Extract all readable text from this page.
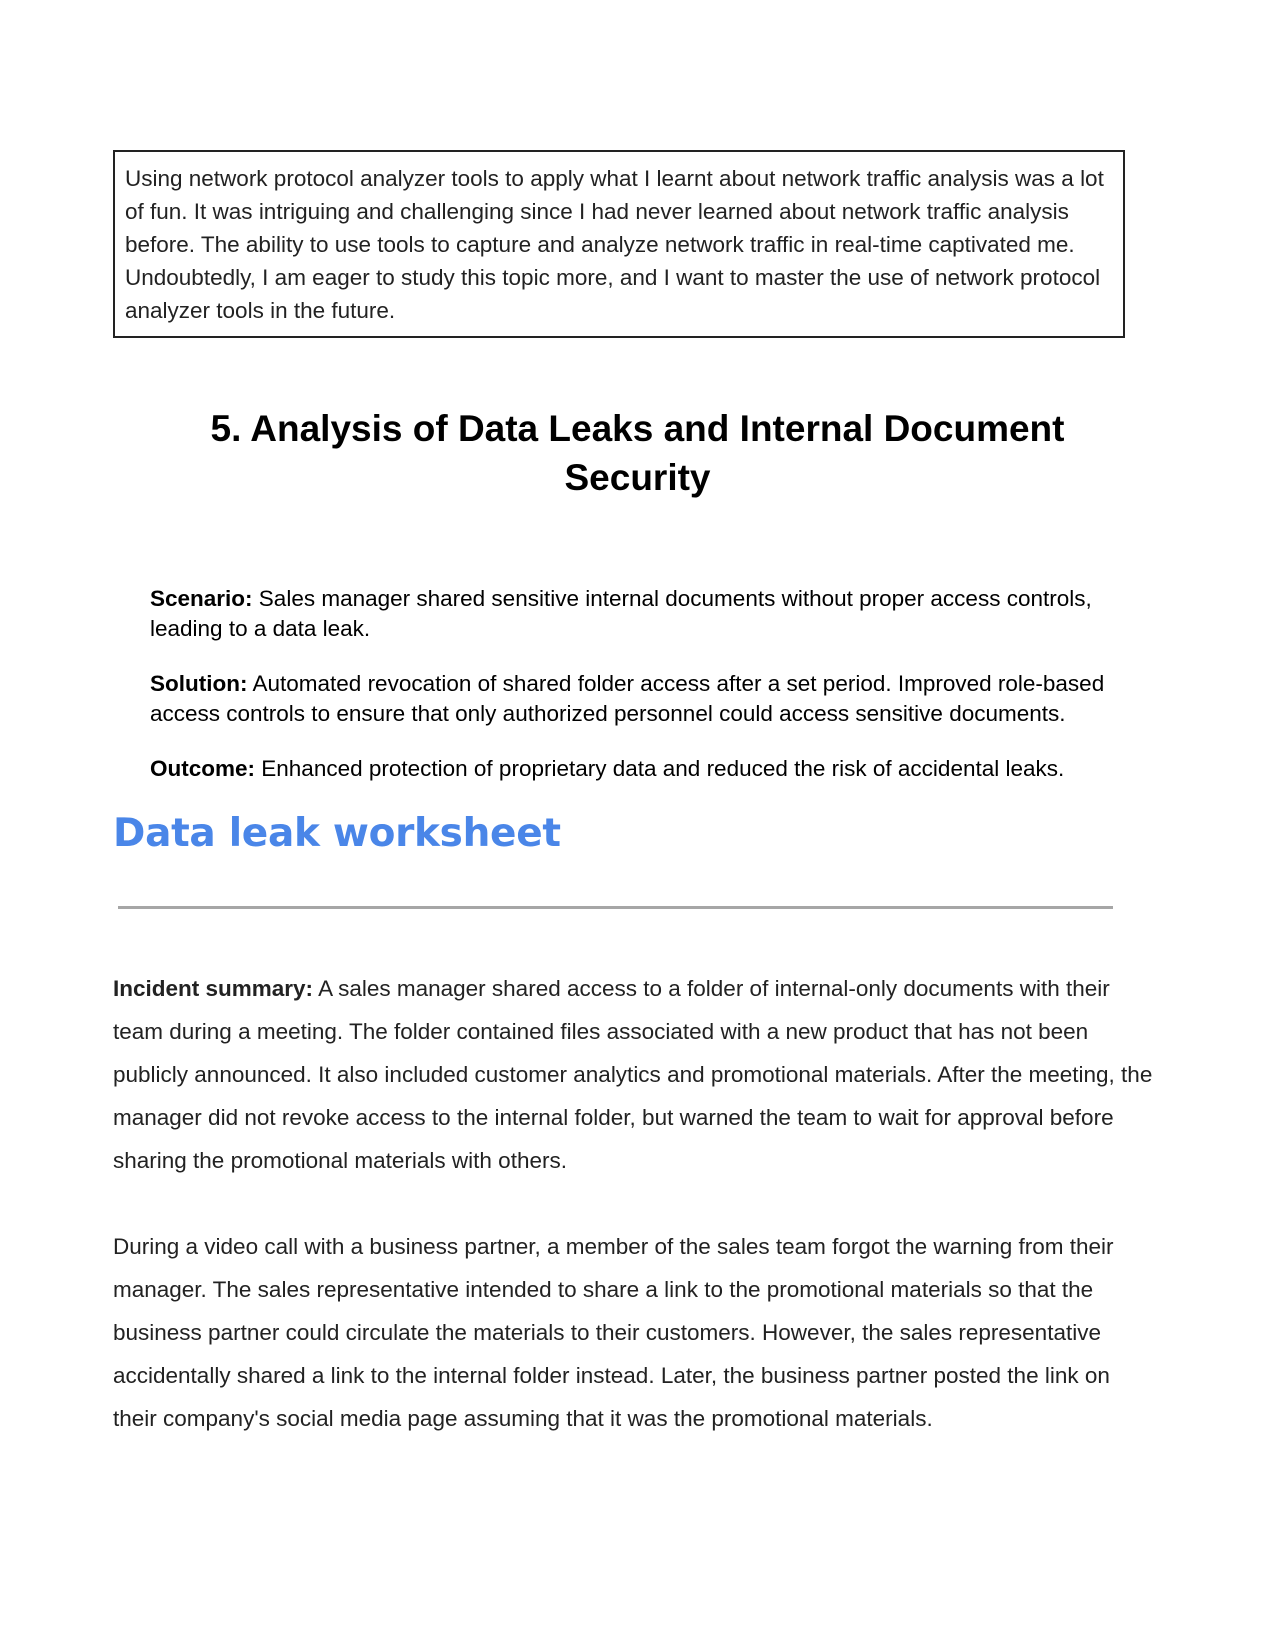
Using network protocol analyzer tools to apply what I learnt about network traffic analysis was a lot of fun. It was intriguing and challenging since I had never learned about network traffic analysis before. The ability to use tools to capture and analyze network traffic in real-time captivated me. Undoubtedly, I am eager to study this topic more, and I want to master the use of network protocol analyzer tools in the future.
5. Analysis of Data Leaks and Internal Document Security
Scenario: Sales manager shared sensitive internal documents without proper access controls, leading to a data leak.
Solution: Automated revocation of shared folder access after a set period. Improved role-based access controls to ensure that only authorized personnel could access sensitive documents.
Outcome: Enhanced protection of proprietary data and reduced the risk of accidental leaks.
Data leak worksheet

Incident summary: A sales manager shared access to a folder of internal-only documents with their team during a meeting. The folder contained files associated with a new product that has not been publicly announced. It also included customer analytics and promotional materials. After the meeting, the manager did not revoke access to the internal folder, but warned the team to wait for approval before sharing the promotional materials with others.

During a video call with a business partner, a member of the sales team forgot the warning from their manager. The sales representative intended to share a link to the promotional materials so that the business partner could circulate the materials to their customers. However, the sales representative accidentally shared a link to the internal folder instead. Later, the business partner posted the link on their company's social media page assuming that it was the promotional materials.
